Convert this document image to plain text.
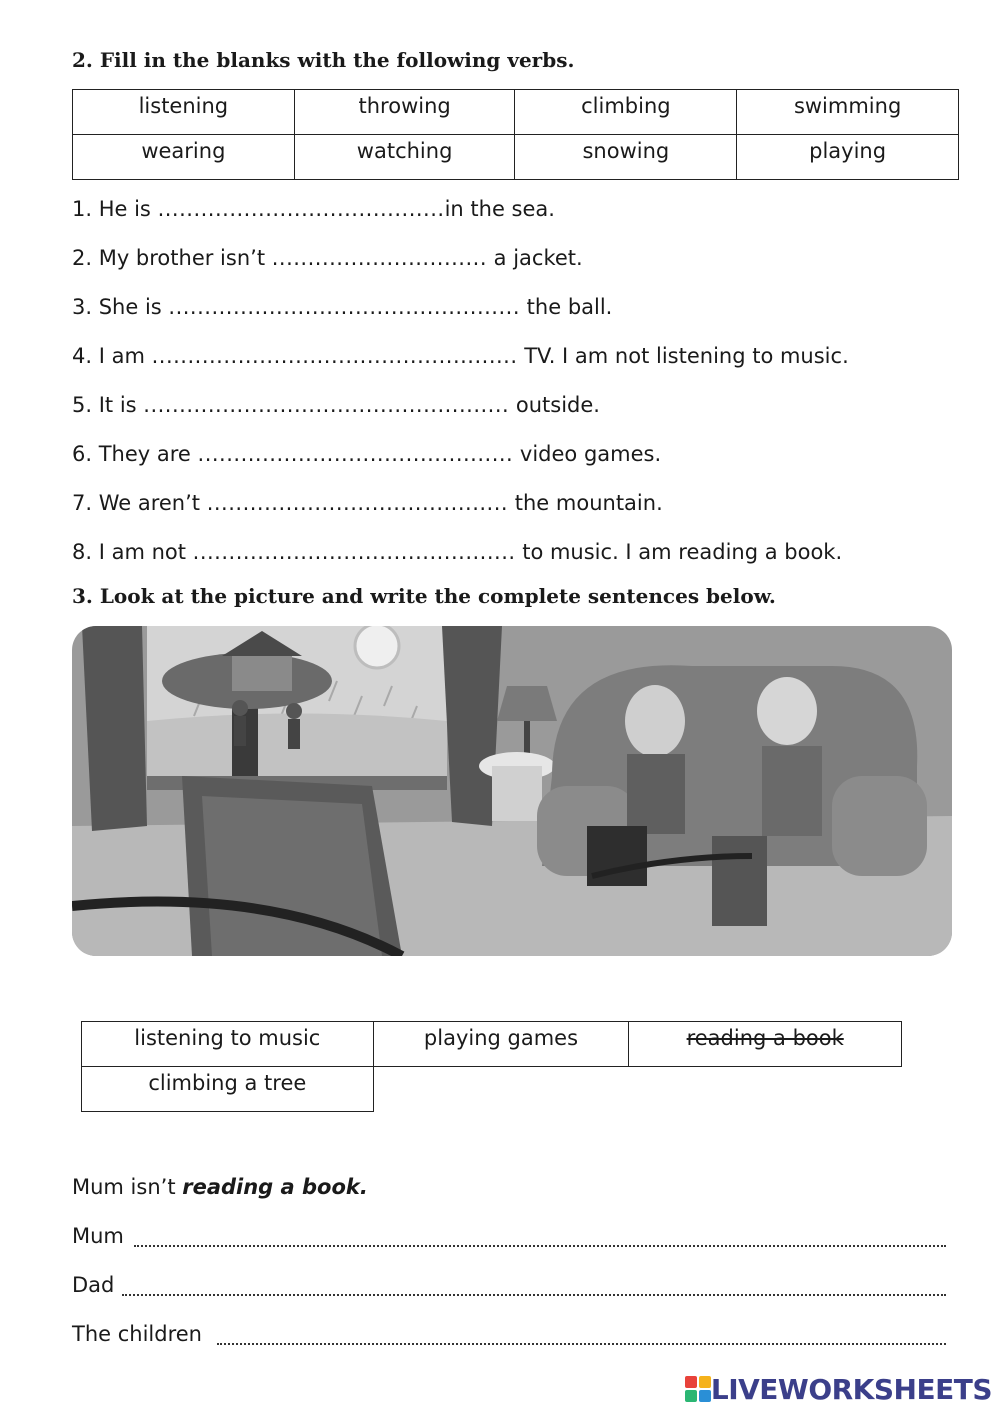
2. Fill in the blanks with the following verbs.
listening	throwing	climbing	swimming
wearing	watching	snowing	playing
1. He is ........................................in the sea.
2. My brother isn’t .............................. a jacket.
3. She is ................................................. the ball.
4. I am ................................................... TV. I am not listening to music.
5. It is ................................................... outside.
6. They are ............................................ video games.
7. We aren’t .......................................... the mountain.
8. I am not ............................................. to music. I am reading a book.
3. Look at the picture and write the complete sentences below.
listening to music	playing games	reading a book
climbing a tree		
Mum isn’t reading a book.
Mum
Dad
The children
LIVEWORKSHEETS
